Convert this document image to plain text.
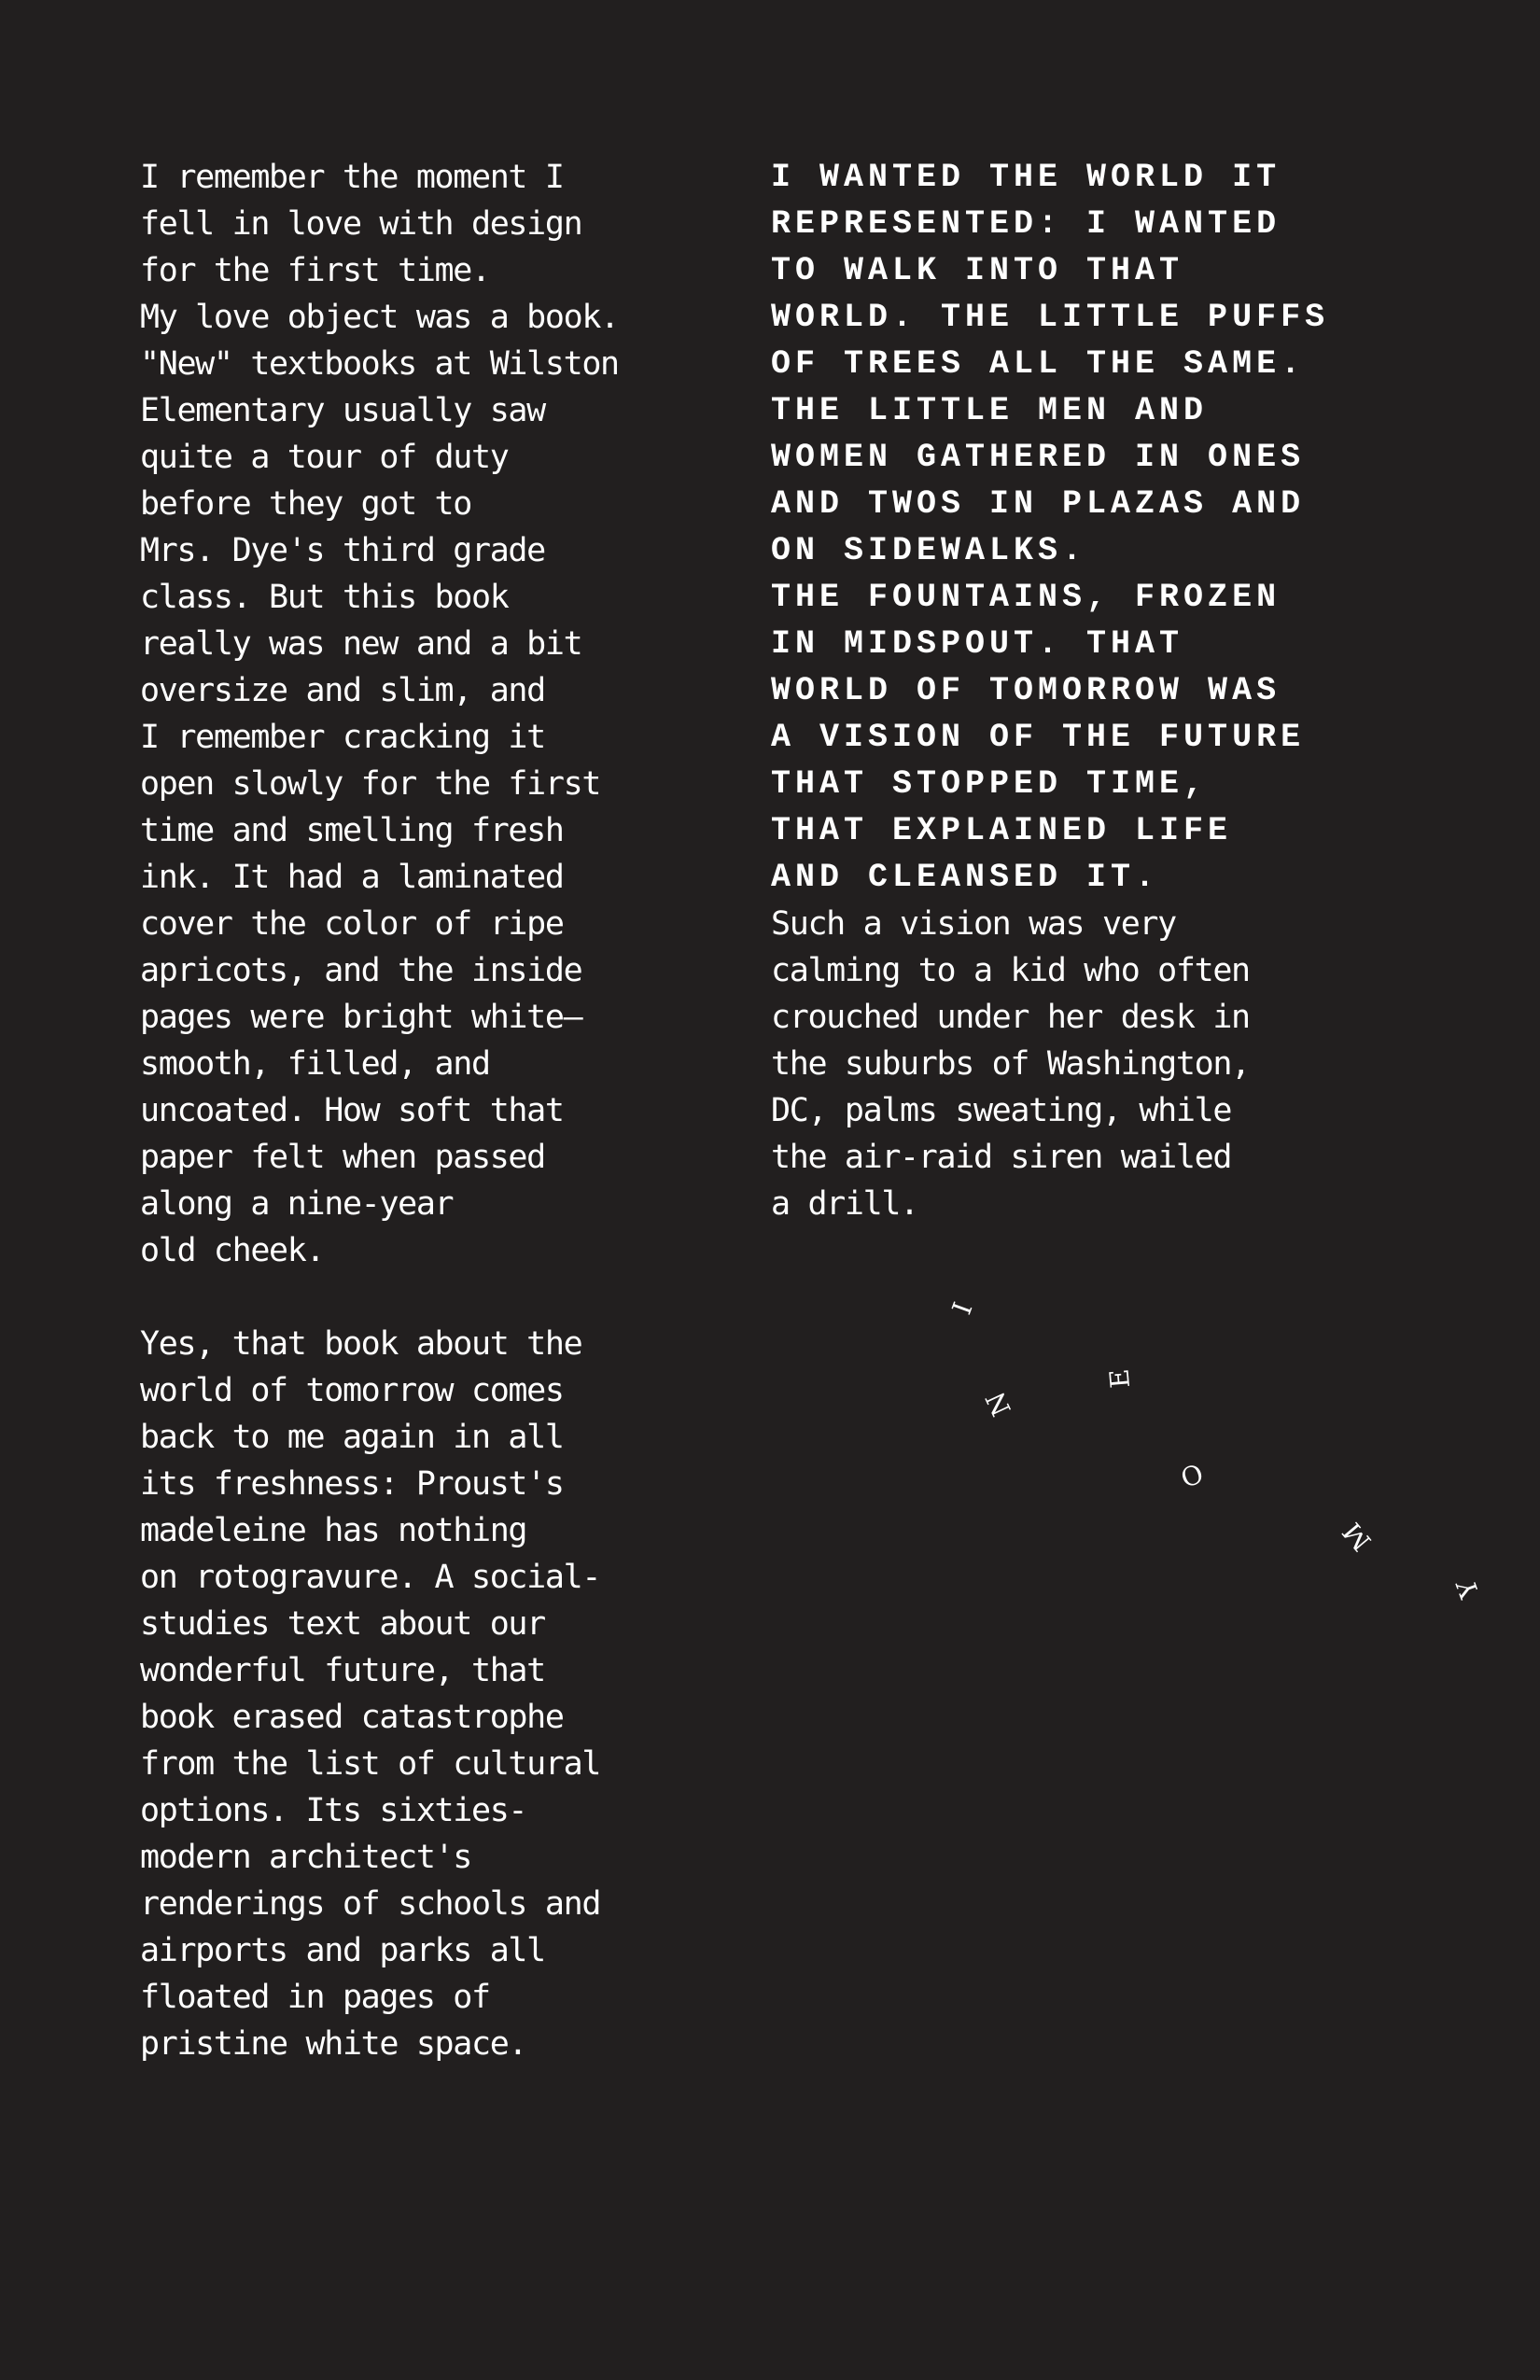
I remember the moment I
fell in love with design
for the first time.
My love object was a book.
"New" textbooks at Wilston
Elementary usually saw
quite a tour of duty
before they got to
Mrs. Dye's third grade
class. But this book
really was new and a bit
oversize and slim, and
I remember cracking it
open slowly for the first
time and smelling fresh
ink. It had a laminated
cover the color of ripe
apricots, and the inside
pages were bright white—
smooth, filled, and
uncoated. How soft that
paper felt when passed
along a nine-year
old cheek.

Yes, that book about the
world of tomorrow comes
back to me again in all
its freshness: Proust's
madeleine has nothing
on rotogravure. A social-
studies text about our
wonderful future, that
book erased catastrophe
from the list of cultural
options. Its sixties-
modern architect's
renderings of schools and
airports and parks all
floated in pages of
pristine white space.

I WANTED THE WORLD IT
REPRESENTED: I WANTED
TO WALK INTO THAT
WORLD. THE LITTLE PUFFS
OF TREES ALL THE SAME.
THE LITTLE MEN AND
WOMEN GATHERED IN ONES
AND TWOS IN PLAZAS AND
ON SIDEWALKS.
THE FOUNTAINS, FROZEN
IN MIDSPOUT. THAT
WORLD OF TOMORROW WAS
A VISION OF THE FUTURE
THAT STOPPED TIME,
THAT EXPLAINED LIFE
AND CLEANSED IT.
Such a vision was very
calming to a kid who often
crouched under her desk in
the suburbs of Washington,
DC, palms sweating, while
the air-raid siren wailed
a drill.

I
N
E
O
M
Y
